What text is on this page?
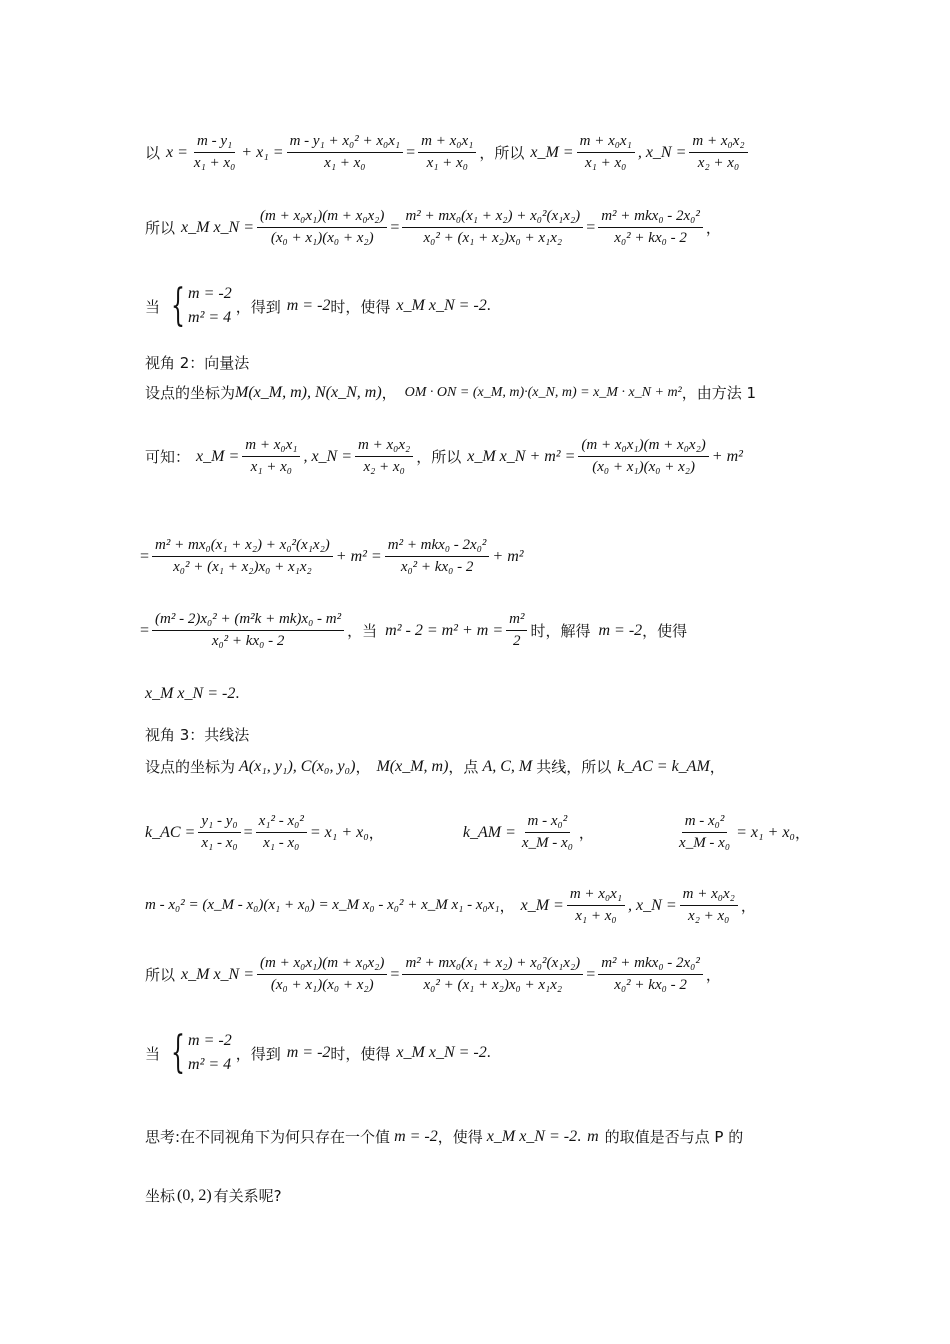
以 $x = \frac{\text{m - y₁}}{\text{x₁ + x₀}} + x_1 = \frac{\text{m - y₁ + x₀² + x₀x₁}}{\text{x₁ + x₀}} = \frac{\text{m + x₀x₁}}{\text{x₁ + x₀}}$ ，所以 x_M = $\frac{\text{m + x₀x₁}}{\text{x₁ + x₀}}$ , x_N = $\frac{\text{m + x₀x₂}}{\text{x₂ + x₀}}$
所以 x_M x_N = $\frac{\text{(m + x₀x₁)(m + x₀x₂)}}{\text{(x₀ + x₁)(x₀ + x₂)}} = \frac{\text{m² + mx₀(x₁ + x₂) + x₀²(x₁x₂)}}{\text{x₀² + (x₁ + x₂)x₀ + x₁x₂}} = \frac{\text{m² + mkx₀ - 2x₀²}}{\text{x₀² + kx₀ - 2}}$ ，
当 { m = -2
m² = 4
，得到 m = -2 时，使得 x_M x_N = -2 .
视角 2：向量法
设点的坐标为 M(x_M, m), N(x_N, m) ， OM · ON = (x_M, m)·(x_N, m) = x_M · x_N + m² ，由方法 1
可知： x_M = $\frac{\text{m + x₀x₁}}{\text{x₁ + x₀}}$ , x_N = $\frac{\text{m + x₀x₂}}{\text{x₂ + x₀}}$ ，所以 x_M x_N + $m^2 = \frac{\text{(m + x₀x₁)(m + x₀x₂)}}{\text{(x₀ + x₁)(x₀ + x₂)}} + m^2$
= $\frac{\text{m² + mx₀(x₁ + x₂) + x₀²(x₁x₂)}}{\text{x₀² + (x₁ + x₂)x₀ + x₁x₂}} + m^2 = \frac{\text{m² + mkx₀ - 2x₀²}}{\text{x₀² + kx₀ - 2}} + m^2$
= $\frac{\text{(m² - 2)x₀² + (m²k + mk)x₀ - m²}}{\text{x₀² + kx₀ - 2}}$ ，当 $m^2 - 2 = m^2 + m = \frac{\text{m²}}{2}$ 时，解得 m = -2 ，使得
x_M x_N = -2 .
视角 3：共线法
设点的坐标为 A(x₁, y₁), C(x₀, y₀) ， M(x_M, m) ，点 A, C, M 共线，所以 k_AC = k_AM ，
k_AC = $\frac{\text{y₁ - y₀}}{\text{x₁ - x₀}} = \frac{\text{x₁² - x₀²}}{\text{x₁ - x₀}} = x_1 + x_0$ ，	k_AM = $\frac{\text{m - x₀²}}{\text{x\_M - x₀}}$ ，	$\frac{\text{m - x₀²}}{\text{x\_M - x₀}} = x_1 + x_0$ ，
m - x₀² = (x_M - x₀)(x₁ + x₀) = x_M x₀ - x₀² + x_M x₁ - x₀x₁ ， x_M = $\frac{\text{m + x₀x₁}}{\text{x₁ + x₀}}$ , x_N = $\frac{\text{m + x₀x₂}}{\text{x₂ + x₀}}$ ，
所以 x_M x_N = $\frac{\text{(m + x₀x₁)(m + x₀x₂)}}{\text{(x₀ + x₁)(x₀ + x₂)}} = \frac{\text{m² + mx₀(x₁ + x₂) + x₀²(x₁x₂)}}{\text{x₀² + (x₁ + x₂)x₀ + x₁x₂}} = \frac{\text{m² + mkx₀ - 2x₀²}}{\text{x₀² + kx₀ - 2}}$ ，
当 { m = -2
m² = 4
，得到 m = -2 时，使得 x_M x_N = -2 .
思考:在不同视角下为何只存在一个值 m = -2 ，使得 x_M x_N = -2 . m 的取值是否与点 P 的
坐标 (0, 2) 有关系呢?
